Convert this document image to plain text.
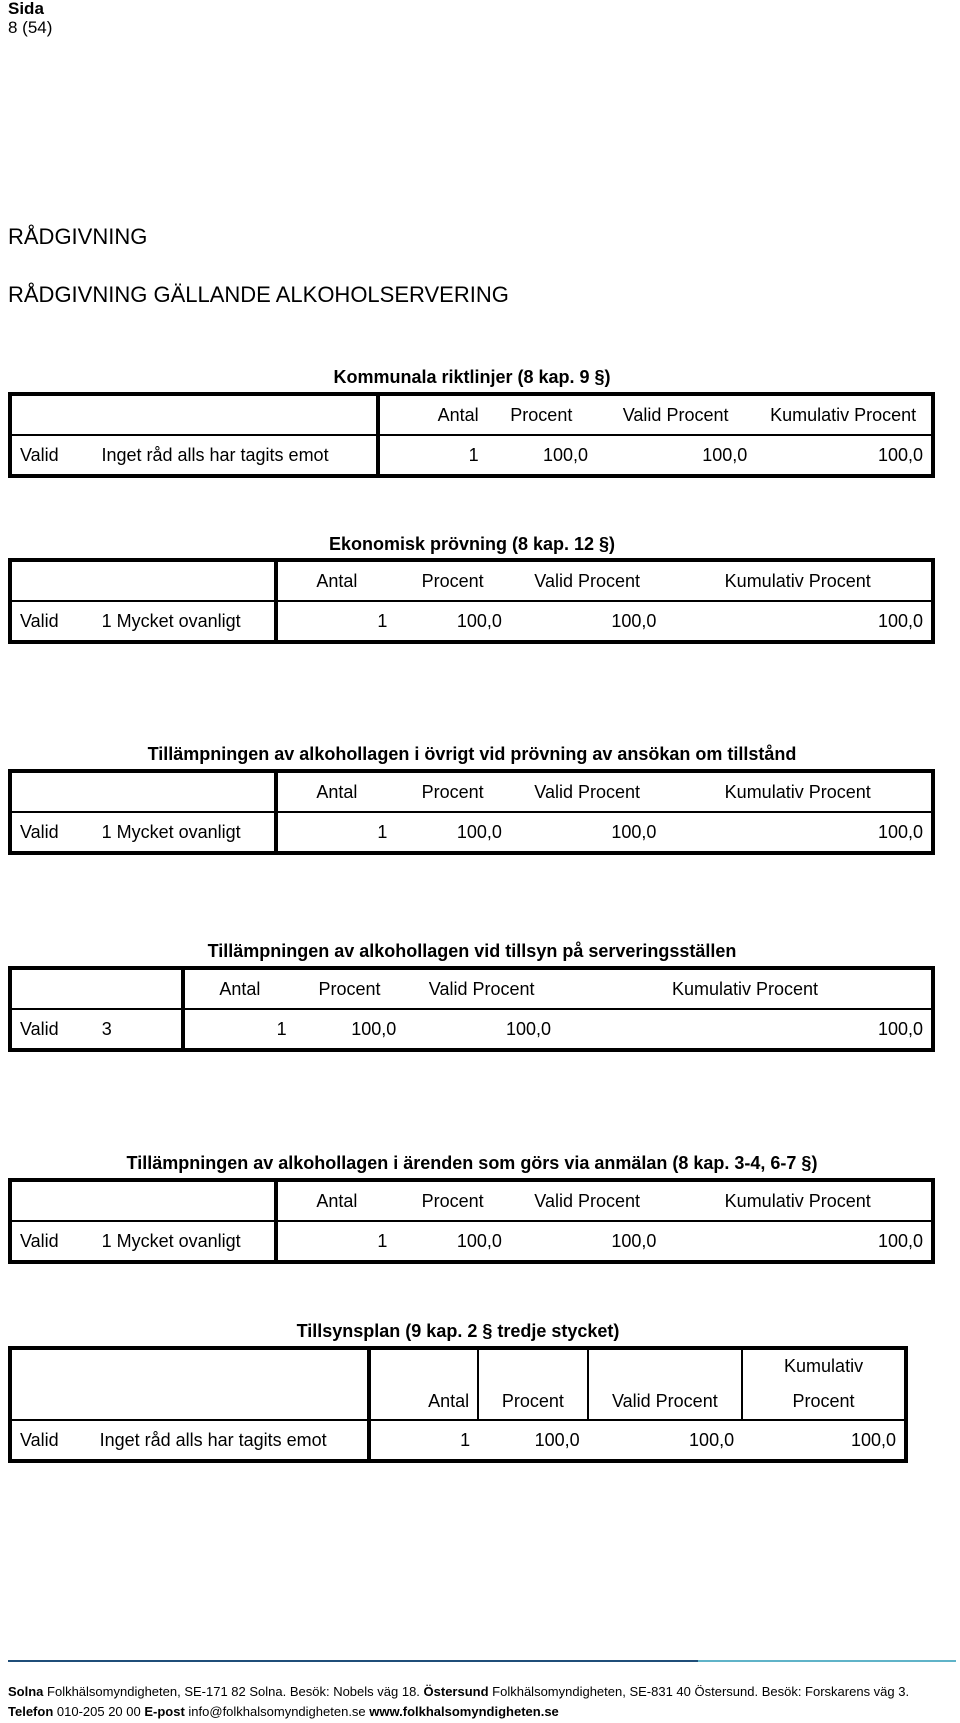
Sida
8 (54)
RÅDGIVNING
RÅDGIVNING GÄLLANDE ALKOHOLSERVERING
Kommunala riktlinjer (8 kap. 9 §)
		Antal	Procent	Valid Procent	Kumulativ Procent
Valid	Inget råd alls har tagits emot	1	100,0	100,0	100,0
Ekonomisk prövning (8 kap. 12 §)
		Antal	Procent	Valid Procent	Kumulativ Procent
Valid	1 Mycket ovanligt	1	100,0	100,0	100,0
Tillämpningen av alkohollagen i övrigt vid prövning av ansökan om tillstånd
		Antal	Procent	Valid Procent	Kumulativ Procent
Valid	1 Mycket ovanligt	1	100,0	100,0	100,0
Tillämpningen av alkohollagen vid tillsyn på serveringsställen
		Antal	Procent	Valid Procent	Kumulativ Procent
Valid	3	1	100,0	100,0	100,0
Tillämpningen av alkohollagen i ärenden som görs via anmälan (8 kap. 3-4, 6-7 §)
		Antal	Procent	Valid Procent	Kumulativ Procent
Valid	1 Mycket ovanligt	1	100,0	100,0	100,0
Tillsynsplan (9 kap. 2 § tredje stycket)
					Kumulativ
		Antal	Procent	Valid Procent	Procent
Valid	Inget råd alls har tagits emot	1	100,0	100,0	100,0
Solna Folkhälsomyndigheten, SE-171 82 Solna. Besök: Nobels väg 18. Östersund Folkhälsomyndigheten, SE-831 40 Östersund. Besök: Forskarens väg 3.
Telefon 010-205 20 00 E-post info@folkhalsomyndigheten.se www.folkhalsomyndigheten.se
